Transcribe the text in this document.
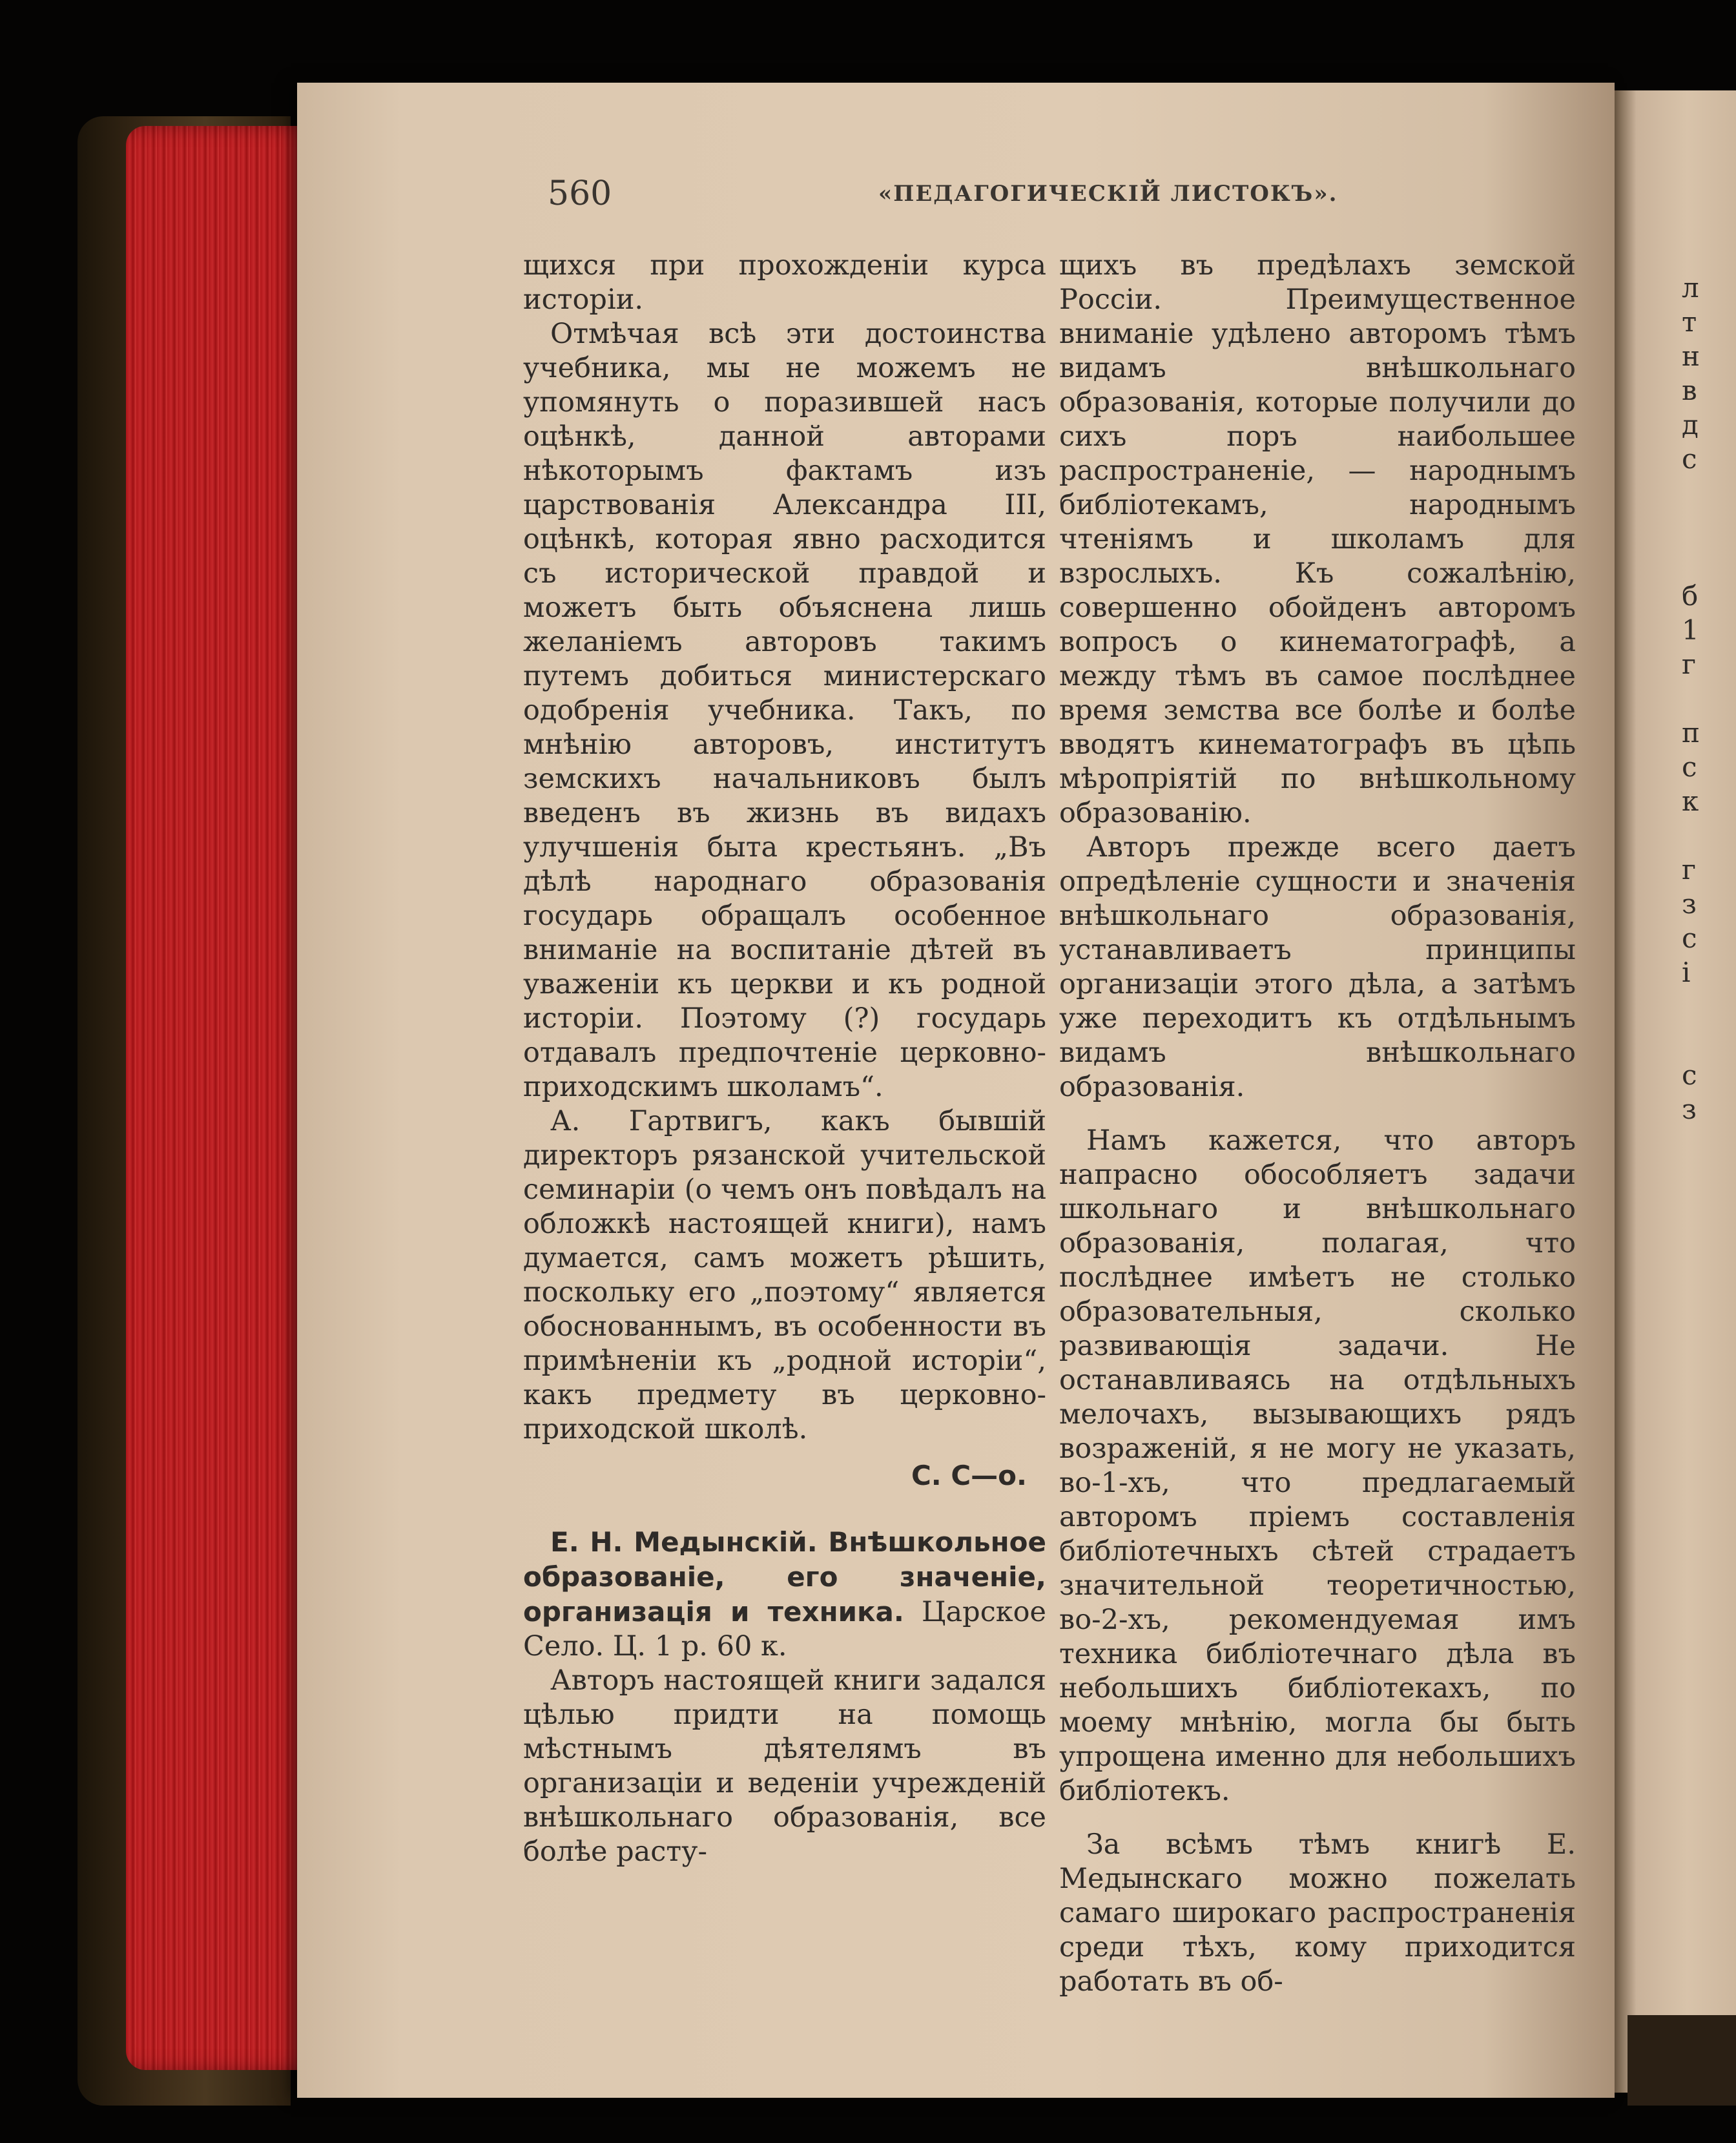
560	«ПЕДАГОГИЧЕСКІЙ ЛИСТОКЪ».

щихся при прохожденіи курса исторіи.

Отмѣчая всѣ эти достоинства учебника, мы не можемъ не упомянуть о поразившей насъ оцѣнкѣ, данной авторами нѣкоторымъ фактамъ изъ царствованія Александра III, оцѣнкѣ, которая явно расходится съ исторической правдой и можетъ быть объяснена лишь желаніемъ авторовъ такимъ путемъ добиться министерскаго одобренія учебника. Такъ, по мнѣнію авторовъ, институтъ земскихъ начальниковъ былъ введенъ въ жизнь въ видахъ улучшенія быта крестьянъ. „Въ дѣлѣ народнаго образованія государь обращалъ особенное вниманіе на воспитаніе дѣтей въ уваженіи къ церкви и къ родной исторіи. Поэтому (?) государь отдавалъ предпочтеніе церковно-приходскимъ школамъ“.

А. Гартвигъ, какъ бывшій директоръ рязанской учительской семинаріи (о чемъ онъ повѣдалъ на обложкѣ настоящей книги), намъ думается, самъ можетъ рѣшить, поскольку его „поэтому“ является обоснованнымъ, въ особенности въ примѣненіи къ „родной исторіи“, какъ предмету въ церковно-приходской школѣ.

С. С—о.

Е. Н. Медынскій. Внѣшкольное образованіе, его значеніе, организація и техника. Царское Село. Ц. 1 р. 60 к.

Авторъ настоящей книги задался цѣлью придти на помощь мѣстнымъ дѣятелямъ въ организаціи и веденіи учрежденій внѣшкольнаго образованія, все болѣе расту-

щихъ въ предѣлахъ земской Россіи. Преимущественное вниманіе удѣлено авторомъ тѣмъ видамъ внѣшкольнаго образованія, которые получили до сихъ поръ наибольшее распространеніе, — народнымъ библіотекамъ, народнымъ чтеніямъ и школамъ для взрослыхъ. Къ сожалѣнію, совершенно обойденъ авторомъ вопросъ о кинематографѣ, а между тѣмъ въ самое послѣднее время земства все болѣе и болѣе вводятъ кинематографъ въ цѣпь мѣропріятій по внѣшкольному образованію.

Авторъ прежде всего даетъ опредѣленіе сущности и значенія внѣшкольнаго образованія, устанавливаетъ принципы организаціи этого дѣла, а затѣмъ уже переходитъ къ отдѣльнымъ видамъ внѣшкольнаго образованія.

Намъ кажется, что авторъ напрасно обособляетъ задачи школьнаго и внѣшкольнаго образованія, полагая, что послѣднее имѣетъ не столько образовательныя, сколько развивающія задачи. Не останавливаясь на отдѣльныхъ мелочахъ, вызывающихъ рядъ возраженій, я не могу не указать, во-1-хъ, что предлагаемый авторомъ пріемъ составленія библіотечныхъ сѣтей страдаетъ значительной теоретичностью, во-2-хъ, рекомендуемая имъ техника библіотечнаго дѣла въ небольшихъ библіотекахъ, по моему мнѣнію, могла бы быть упрощена именно для небольшихъ библіотекъ.

За всѣмъ тѣмъ книгѣ Е. Медынскаго можно пожелать самаго широкаго распространенія среди тѣхъ, кому приходится работать въ об-

л
т
н
в
д
с
б
1
г
п
с
к
г
з
с
і
с
з
